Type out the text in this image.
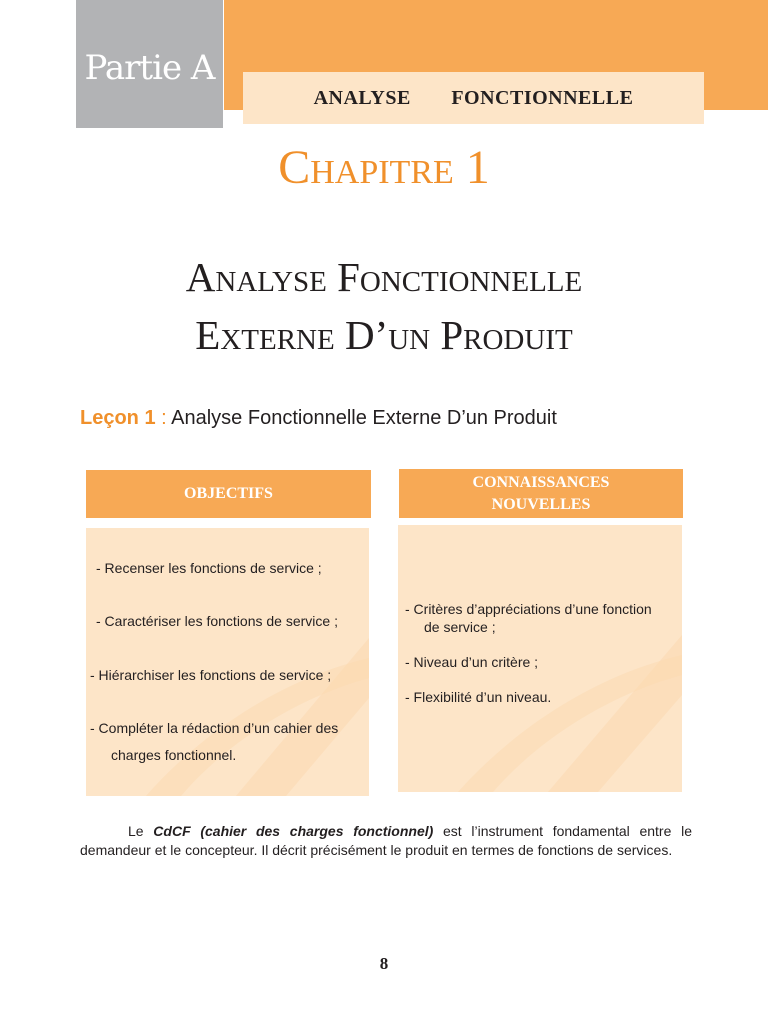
Partie A
ANALYSE   FONCTIONNELLE
Chapitre 1
Analyse Fonctionnelle
Externe D’un Produit
Leçon 1 : Analyse Fonctionnelle Externe D’un Produit
OBJECTIFS
- Recenser les fonctions de service ;
- Caractériser les fonctions de service ;
- Hiérarchiser les fonctions de service ;
- Compléter la rédaction d’un cahier des
charges fonctionnel.
CONNAISSANCES
NOUVELLES
- Critères d’appréciations d’une fonction
de service ;
- Niveau d’un critère ;
- Flexibilité d’un niveau.
Le CdCF (cahier des charges fonctionnel) est l’instrument fondamental entre le demandeur et le concepteur. Il décrit précisément le produit en termes de fonctions de services.
8
